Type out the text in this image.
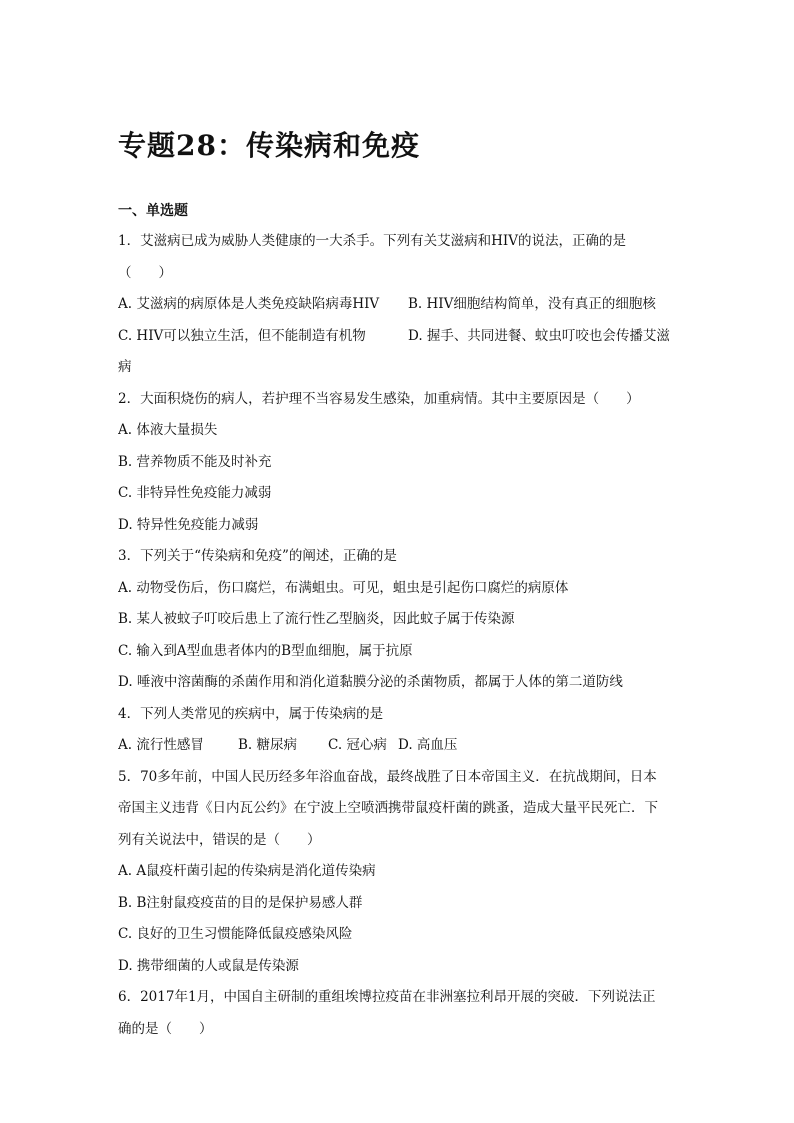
专题28：传染病和免疫
一、单选题
1．艾滋病已成为威胁人类健康的一大杀手。下列有关艾滋病和HIV的说法，正确的是
（　　）
A. 艾滋病的病原体是人类免疫缺陷病毒HIV	B. HIV细胞结构简单，没有真正的细胞核
C. HIV可以独立生活，但不能制造有机物	D. 握手、共同进餐、蚊虫叮咬也会传播艾滋
病
2．大面积烧伤的病人，若护理不当容易发生感染，加重病情。其中主要原因是（　　）
A. 体液大量损失
B. 营养物质不能及时补充
C. 非特异性免疫能力减弱
D. 特异性免疫能力减弱
3．下列关于“传染病和免疫”的阐述，正确的是
A. 动物受伤后，伤口腐烂，布满蛆虫。可见，蛆虫是引起伤口腐烂的病原体
B. 某人被蚊子叮咬后患上了流行性乙型脑炎，因此蚊子属于传染源
C. 输入到A型血患者体内的B型血细胞，属于抗原
D. 唾液中溶菌酶的杀菌作用和消化道黏膜分泌的杀菌物质，都属于人体的第二道防线
4．下列人类常见的疾病中，属于传染病的是
A. 流行性感冒	B. 糖尿病	C. 冠心病 D. 高血压
5．70多年前，中国人民历经多年浴血奋战，最终战胜了日本帝国主义．在抗战期间，日本
帝国主义违背《日内瓦公约》在宁波上空喷洒携带鼠疫杆菌的跳蚤，造成大量平民死亡．下
列有关说法中，错误的是（　　）
A. A鼠疫杆菌引起的传染病是消化道传染病
B. B注射鼠疫疫苗的目的是保护易感人群
C. 良好的卫生习惯能降低鼠疫感染风险
D. 携带细菌的人或鼠是传染源
6．2017年1月，中国自主研制的重组埃博拉疫苗在非洲塞拉利昂开展的突破．下列说法正
确的是（　　）
